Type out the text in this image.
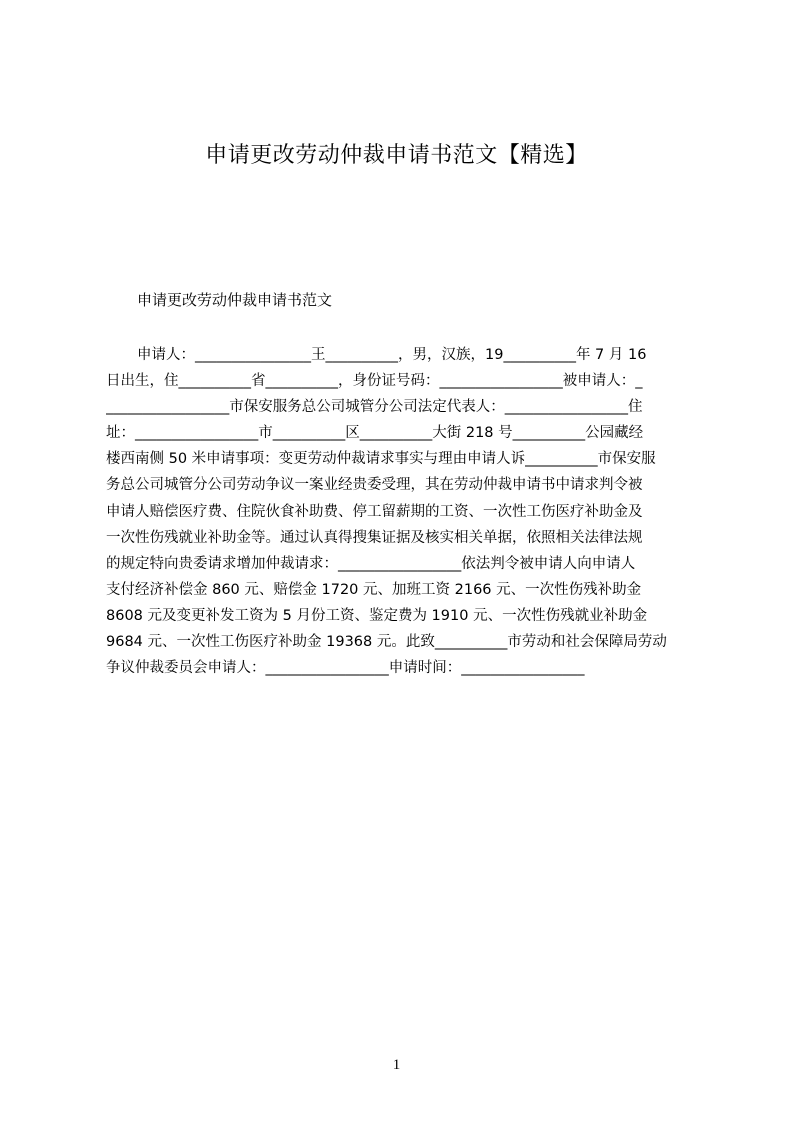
申请更改劳动仲裁申请书范文【精选】
申请更改劳动仲裁申请书范文
申请人：________________王__________，男，汉族，19__________年 7 月 16
日出生，住__________省__________，身份证号码：_________________被申请人：_
_________________市保安服务总公司城管分公司法定代表人：_________________住
址：_________________市__________区__________大街 218 号__________公园藏经
楼西南侧 50 米申请事项：变更劳动仲裁请求事实与理由申请人诉__________市保安服
务总公司城管分公司劳动争议一案业经贵委受理，其在劳动仲裁申请书中请求判令被
申请人赔偿医疗费、住院伙食补助费、停工留薪期的工资、一次性工伤医疗补助金及
一次性伤残就业补助金等。通过认真得搜集证据及核实相关单据，依照相关法律法规
的规定特向贵委请求增加仲裁请求：_________________依法判令被申请人向申请人
支付经济补偿金 860 元、赔偿金 1720 元、加班工资 2166 元、一次性伤残补助金
8608 元及变更补发工资为 5 月份工资、鉴定费为 1910 元、一次性伤残就业补助金
9684 元、一次性工伤医疗补助金 19368 元。此致__________市劳动和社会保障局劳动
争议仲裁委员会申请人：_________________申请时间：_________________
1
